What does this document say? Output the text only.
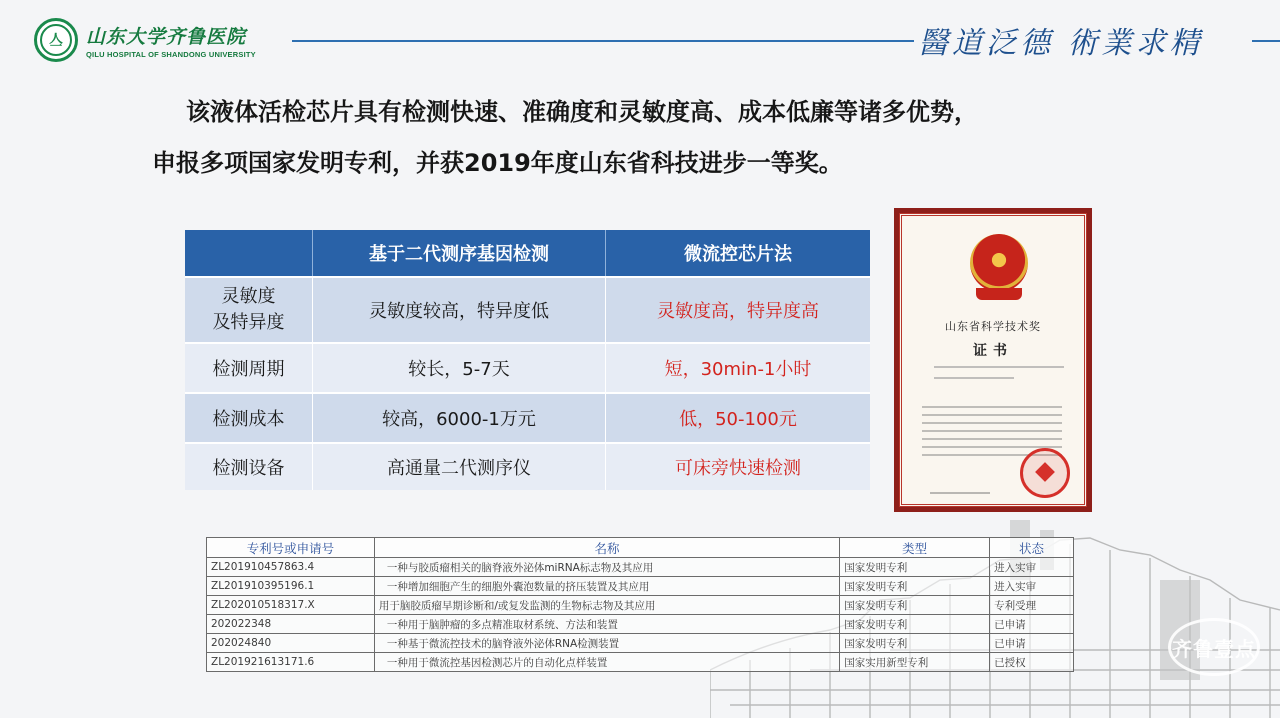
亼 山东大学齐鲁医院
QILU HOSPITAL OF SHANDONG UNIVERSITY	醫道泛德 術業求精

该液体活检芯片具有检测快速、准确度和灵敏度高、成本低廉等诸多优势，

申报多项国家发明专利，并获2019年度山东省科技进步一等奖。

	基于二代测序基因检测	微流控芯片法

灵敏度
及特异度	灵敏度较高，特异度低	灵敏度高，特异度高
检测周期	较长，5-7天	短，30min-1小时
检测成本	较高，6000-1万元	低，50-100元
检测设备	高通量二代测序仪	可床旁快速检测
山东省科学技术奖
证书
专利号或申请号	名称	类型	状态
ZL201910457863.4	一种与胶质瘤相关的脑脊液外泌体miRNA标志物及其应用	国家发明专利	进入实审
ZL201910395196.1	一种增加细胞产生的细胞外囊泡数量的挤压装置及其应用	国家发明专利	进入实审
ZL202010518317.X	用于脑胶质瘤早期诊断和/或复发监测的生物标志物及其应用	国家发明专利	专利受理
202022348	一种用于脑肿瘤的多点精准取材系统、方法和装置	国家发明专利	已申请
202024840	一种基于微流控技术的脑脊液外泌体RNA检测装置	国家发明专利	已申请
ZL201921613171.6	一种用于微流控基因检测芯片的自动化点样装置	国家实用新型专利	已授权
齐鲁壹点
